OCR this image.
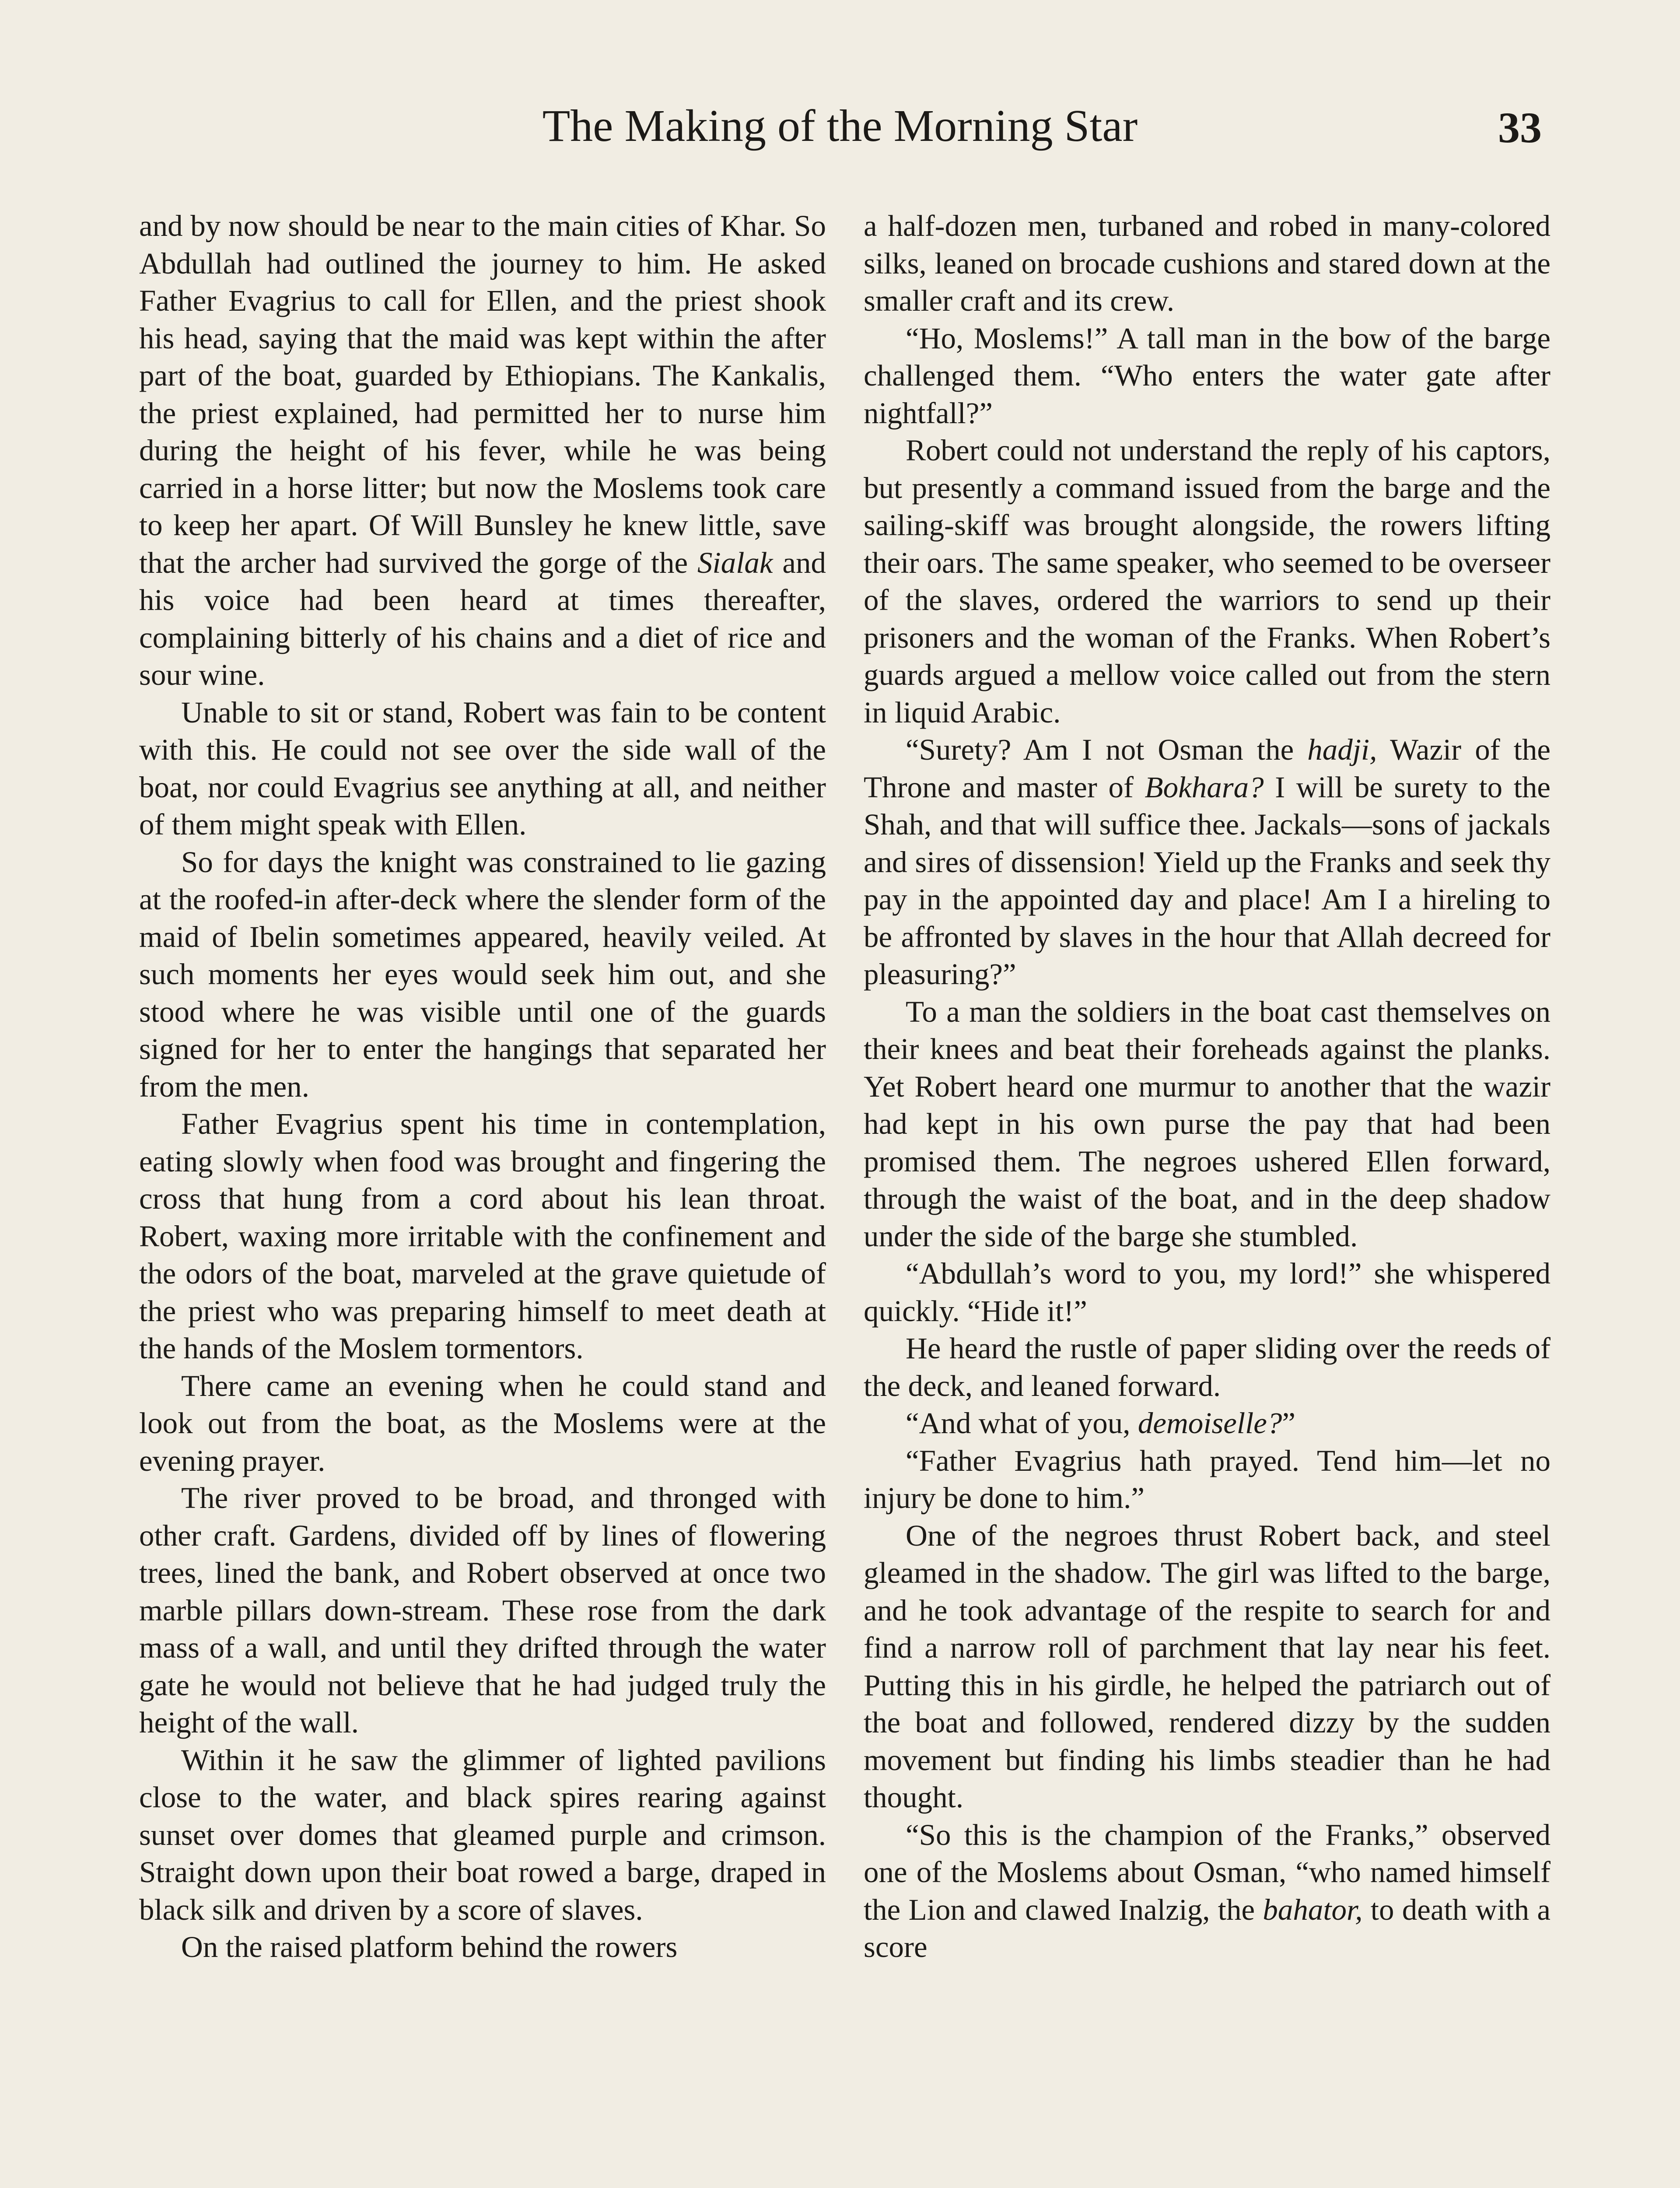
The Making of the Morning Star	33

and by now should be near to the main cities of Khar. So Abdullah had outlined the journey to him. He asked Father Evagrius to call for Ellen, and the priest shook his head, saying that the maid was kept within the after part of the boat, guarded by Ethiopians. The Kankalis, the priest explained, had permitted her to nurse him during the height of his fever, while he was being carried in a horse litter; but now the Moslems took care to keep her apart. Of Will Bunsley he knew little, save that the archer had survived the gorge of the Sialak and his voice had been heard at times thereafter, complaining bitterly of his chains and a diet of rice and sour wine.

Unable to sit or stand, Robert was fain to be content with this. He could not see over the side wall of the boat, nor could Evagrius see anything at all, and neither of them might speak with Ellen.

So for days the knight was constrained to lie gazing at the roofed-in after-deck where the slender form of the maid of Ibelin sometimes appeared, heavily veiled. At such moments her eyes would seek him out, and she stood where he was visible until one of the guards signed for her to enter the hangings that separated her from the men.

Father Evagrius spent his time in contemplation, eating slowly when food was brought and fingering the cross that hung from a cord about his lean throat. Robert, waxing more irritable with the confinement and the odors of the boat, marveled at the grave quietude of the priest who was preparing himself to meet death at the hands of the Moslem tormentors.

There came an evening when he could stand and look out from the boat, as the Moslems were at the evening prayer.

The river proved to be broad, and thronged with other craft. Gardens, divided off by lines of flowering trees, lined the bank, and Robert observed at once two marble pillars down-stream. These rose from the dark mass of a wall, and until they drifted through the water gate he would not believe that he had judged truly the height of the wall.

Within it he saw the glimmer of lighted pavilions close to the water, and black spires rearing against sunset over domes that gleamed purple and crimson. Straight down upon their boat rowed a barge, draped in black silk and driven by a score of slaves.

On the raised platform behind the rowers

a half-dozen men, turbaned and robed in many-colored silks, leaned on brocade cushions and stared down at the smaller craft and its crew.

“Ho, Moslems!” A tall man in the bow of the barge challenged them. “Who enters the water gate after nightfall?”

Robert could not understand the reply of his captors, but presently a command issued from the barge and the sailing-skiff was brought alongside, the rowers lifting their oars. The same speaker, who seemed to be overseer of the slaves, ordered the warriors to send up their prisoners and the woman of the Franks. When Robert’s guards argued a mellow voice called out from the stern in liquid Arabic.

“Surety? Am I not Osman the hadji, Wazir of the Throne and master of Bokhara? I will be surety to the Shah, and that will suffice thee. Jackals—sons of jackals and sires of dissension! Yield up the Franks and seek thy pay in the appointed day and place! Am I a hireling to be affronted by slaves in the hour that Allah decreed for pleasuring?”

To a man the soldiers in the boat cast themselves on their knees and beat their foreheads against the planks. Yet Robert heard one murmur to another that the wazir had kept in his own purse the pay that had been promised them. The negroes ushered Ellen forward, through the waist of the boat, and in the deep shadow under the side of the barge she stumbled.

“Abdullah’s word to you, my lord!” she whispered quickly. “Hide it!”

He heard the rustle of paper sliding over the reeds of the deck, and leaned forward.

“And what of you, demoiselle?”

“Father Evagrius hath prayed. Tend him—let no injury be done to him.”

One of the negroes thrust Robert back, and steel gleamed in the shadow. The girl was lifted to the barge, and he took advantage of the respite to search for and find a narrow roll of parchment that lay near his feet. Putting this in his girdle, he helped the patriarch out of the boat and followed, rendered dizzy by the sudden movement but finding his limbs steadier than he had thought.

“So this is the champion of the Franks,” observed one of the Moslems about Osman, “who named himself the Lion and clawed Inalzig, the bahator, to death with a score
